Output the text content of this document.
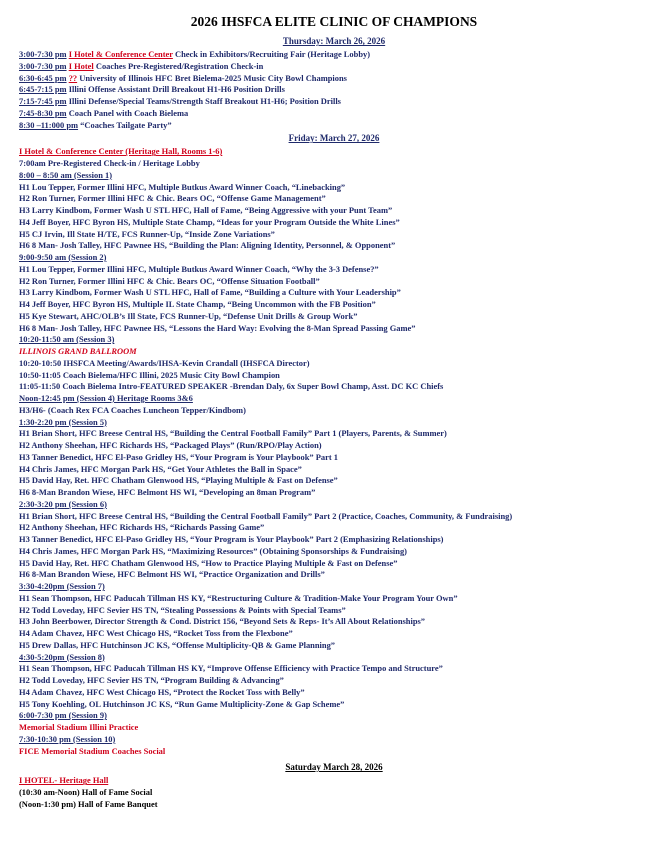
2026 IHSFCA ELITE CLINIC OF CHAMPIONS
Thursday: March 26, 2026
3:00-7:30 pm I Hotel & Conference Center Check in Exhibitors/Recruiting Fair (Heritage Lobby)
3:00-7:30 pm I Hotel Coaches Pre-Registered/Registration Check-in
6:30-6:45 pm ?? University of Illinois HFC Bret Bielema-2025 Music City Bowl Champions
6:45-7:15 pm Illini Offense Assistant Drill Breakout H1-H6 Position Drills
7:15-7:45 pm Illini Defense/Special Teams/Strength Staff Breakout H1-H6; Position Drills
7:45-8:30 pm Coach Panel with Coach Bielema
8:30 –11:000 pm “Coaches Tailgate Party”
Friday: March 27, 2026
I Hotel & Conference Center (Heritage Hall, Rooms 1-6)
7:00am Pre-Registered Check-in / Heritage Lobby
8:00 – 8:50 am (Session 1)
H1 Lou Tepper, Former Illini HFC, Multiple Butkus Award Winner Coach, “Linebacking”
H2 Ron Turner, Former Illini HFC & Chic. Bears OC, “Offense Game Management”
H3 Larry Kindbom, Former Wash U STL HFC, Hall of Fame, “Being Aggressive with your Punt Team”
H4 Jeff Boyer, HFC Byron HS, Multiple State Champ, “Ideas for your Program Outside the White Lines”
H5 CJ Irvin, Ill State H/TE, FCS Runner-Up, “Inside Zone Variations”
H6 8 Man- Josh Talley, HFC Pawnee HS, “Building the Plan: Aligning Identity, Personnel, & Opponent”
9:00-9:50 am (Session 2)
H1 Lou Tepper, Former Illini HFC, Multiple Butkus Award Winner Coach, “Why the 3-3 Defense?”
H2 Ron Turner, Former Illini HFC & Chic. Bears OC, “Offense Situation Football”
H3 Larry Kindbom, Former Wash U STL HFC, Hall of Fame, “Building a Culture with Your Leadership”
H4 Jeff Boyer, HFC Byron HS, Multiple IL State Champ, “Being Uncommon with the FB Position”
H5 Kye Stewart, AHC/OLB’s Ill State, FCS Runner-Up, “Defense Unit Drills & Group Work”
H6 8 Man- Josh Talley, HFC Pawnee HS, “Lessons the Hard Way: Evolving the 8-Man Spread Passing Game”
10:20-11:50 am (Session 3)
ILLINOIS GRAND BALLROOM
10:20-10:50 IHSFCA Meeting/Awards/IHSA-Kevin Crandall (IHSFCA Director)
10:50-11:05 Coach Bielema/HFC Illini, 2025 Music City Bowl Champion
11:05-11:50 Coach Bielema Intro-FEATURED SPEAKER -Brendan Daly, 6x Super Bowl Champ, Asst. DC KC Chiefs
Noon-12:45 pm (Session 4) Heritage Rooms 3&6
H3/H6- (Coach Rex FCA Coaches Luncheon Tepper/Kindbom)
1:30-2:20 pm (Session 5)
H1 Brian Short, HFC Breese Central HS, “Building the Central Football Family” Part 1 (Players, Parents, & Summer)
H2 Anthony Sheehan, HFC Richards HS, “Packaged Plays” (Run/RPO/Play Action)
H3 Tanner Benedict, HFC El-Paso Gridley HS, “Your Program is Your Playbook” Part 1
H4 Chris James, HFC Morgan Park HS, “Get Your Athletes the Ball in Space”
H5 David Hay, Ret. HFC Chatham Glenwood HS, “Playing Multiple & Fast on Defense”
H6 8-Man Brandon Wiese, HFC Belmont HS WI, “Developing an 8man Program”
2:30-3:20 pm (Session 6)
H1 Brian Short, HFC Breese Central HS, “Building the Central Football Family” Part 2 (Practice, Coaches, Community, & Fundraising)
H2 Anthony Sheehan, HFC Richards HS, “Richards Passing Game”
H3 Tanner Benedict, HFC El-Paso Gridley HS, “Your Program is Your Playbook” Part 2 (Emphasizing Relationships)
H4 Chris James, HFC Morgan Park HS, “Maximizing Resources” (Obtaining Sponsorships & Fundraising)
H5 David Hay, Ret. HFC Chatham Glenwood HS, “How to Practice Playing Multiple & Fast on Defense”
H6 8-Man Brandon Wiese, HFC Belmont HS WI, “Practice Organization and Drills”
3:30-4:20pm (Session 7)
H1 Sean Thompson, HFC Paducah Tillman HS KY, “Restructuring Culture & Tradition-Make Your Program Your Own”
H2 Todd Loveday, HFC Sevier HS TN, “Stealing Possessions & Points with Special Teams”
H3 John Beerbower, Director Strength & Cond. District 156, “Beyond Sets & Reps- It’s All About Relationships”
H4 Adam Chavez, HFC West Chicago HS, “Rocket Toss from the Flexbone”
H5 Drew Dallas, HFC Hutchinson JC KS, “Offense Multiplicity-QB & Game Planning”
4:30-5:20pm (Session 8)
H1 Sean Thompson, HFC Paducah Tillman HS KY, “Improve Offense Efficiency with Practice Tempo and Structure”
H2 Todd Loveday, HFC Sevier HS TN, “Program Building & Advancing”
H4 Adam Chavez, HFC West Chicago HS, “Protect the Rocket Toss with Belly”
H5 Tony Koehling, OL Hutchinson JC KS, “Run Game Multiplicity-Zone & Gap Scheme”
6:00-7:30 pm (Session 9)
Memorial Stadium Illini Practice
7:30-10:30 pm (Session 10)
FICE Memorial Stadium Coaches Social
Saturday March 28, 2026
I HOTEL- Heritage Hall
(10:30 am-Noon) Hall of Fame Social
(Noon-1:30 pm) Hall of Fame Banquet
